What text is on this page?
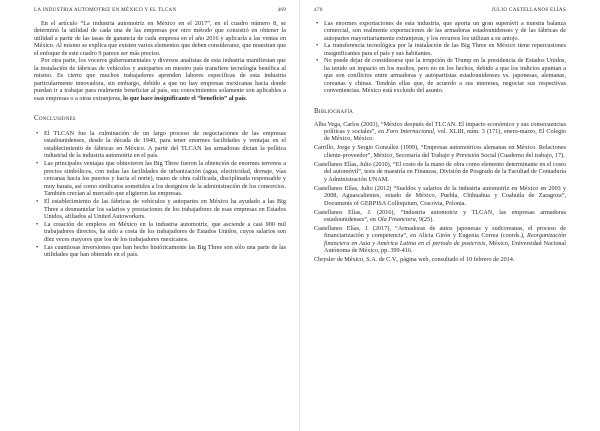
LA INDUSTRIA AUTOMOTRIZ EN MÉXICO Y EL TLCAN	469

En el artículo “La industria automotriz en México en el 2017”, en el cuadro número 8, se determinó la utilidad de cada una de las empresas por otro método que consistió en obtener la utilidad a partir de las tasas de ganancia de cada empresa en el año 2016 y aplicarla a las ventas en México. Al mismo se explica que existen varios elementos que deben considerarse, que muestran que el enfoque de este cuadro 9 parece ser más preciso.

Por otra parte, los voceros gubernamentales y diversos analistas de esta industria manifiestan que la instalación de fábricas de vehículos y autopartes en nuestro país transfiere tecnología benéfica al mismo. Es cierto que muchos trabajadores aprenden labores específicas de esta industria particularmente innovadora, sin embargo, debido a que no hay empresas mexicanas hacia donde puedan ir a trabajar para realmente beneficiar al país, sus conocimientos solamente son aplicables a esas empresas o a otras extranjeras, lo que hace insignificante el “beneficio” al país.

Conclusiones
• El TLCAN fue la culminación de un largo proceso de negociaciones de las empresas estadounidenses, desde la década de 1940, para tener enormes facilidades y ventajas en el establecimiento de fábricas en México. A partir del TLCAN las armadoras dictan la política industrial de la industria automotriz en el país.
• Las principales ventajas que obtuvieron las Big Three fueron la obtención de enormes terrenos a precios simbólicos, con todas las facilidades de urbanización (agua, electricidad, drenaje, vías cercanas hacia los puertos y hacia el norte), mano de obra calificada, disciplinada responsable y muy barata, así como sindicatos sometidos a los designios de la administración de los consorcios. También crecían al mercado que eligieron las empresas.
• El establecimiento de las fábricas de vehículos y autopartes en México ha ayudado a las Big Three a desmantelar los salarios y prestaciones de los trabajadores de esas empresas en Estados Unidos, afiliados al United Autoworkers.
• La creación de empleos en México en la industria automotriz, que asciende a casi 900 mil trabajadores directos, ha sido a costa de los trabajadores de Estados Unidos, cuyos salarios son diez veces mayores que los de los trabajadores mexicanos.
• Las cuantiosas inversiones que han hecho históricamente las Big Three son sólo una parte de las utilidades que han obtenido en el país.
470	JULIO CASTELLANOS ELÍAS
• Las enormes exportaciones de esta industria, que aporta un gran superávit a nuestra balanza comercial, son realmente exportaciones de las armadoras estadounidenses y de las fábricas de autopartes mayoritariamente extranjeras, y los recursos los utilizan a su antojo.
• La transferencia tecnológica por la instalación de las Big Three en México tiene repercusiones insignificantes para el país y sus habitantes.
• No puede dejar de considerarse que la irrupción de Trump en la presidencia de Estados Unidos, ha tenido un impacto en los medios, pero no en los hechos, debido a que los indicios apuntan a que son conflictos entre armadoras y autopartistas estadounidenses vs. japonesas, alemanas, coreanas y chinas. Tendrán ellas que, de acuerdo a sus intereses, negociar sus respectivas conveniencias. México está excluido del asunto.
Bibliografía

Alba Vega, Carlos (2003), “México después del TLCAN. El impacto económico y sus consecuencias políticas y sociales”, en Foro Internacional, vol. XLIII, núm. 3 (171), enero-marzo, El Colegio de México, México.

Carrillo, Jorge y Sergio González (1999), “Empresas automotrices alemanas en México. Relaciones cliente-proveedor”, México, Secretaría del Trabajo y Previsión Social (Cuaderno del trabajo, 17).

Castellanos Elías, Julio (2010), “El costo de la mano de obra como elemento determinante en el costo del automóvil”, tesis de maestría en Finanzas, División de Posgrado de la Facultad de Contaduría y Administración UNAM.

Castellanos Elías, Julio (2012) “Sueldos y salarios de la industria automotriz en México en 2003 y 2008, Aguascalientes, estado de México, Puebla, Chihuahua y Coahuila de Zaragoza”, Documents of GERPISA Colloquium, Cracovia, Polonia.

Castellanos Elías, J. (2016), “Industria automotriz y TLCAN, las empresas armadoras estadounidenses”, en Ola Financiera, 9(25).

Castellanos Elías, J. (2017), “Armadoras de autos japonesas y sudcoreanas, el proceso de financiarización y competencia”, en Alicia Girón y Eugenia Correa (coords.), Reorganización financiera en Asia y América Latina en el periodo de postcrisis, México, Universidad Nacional Autónoma de México, pp. 399-416.

Chrysler de México, S.A. de C.V., página web, consultado el 10 febrero de 2014.
